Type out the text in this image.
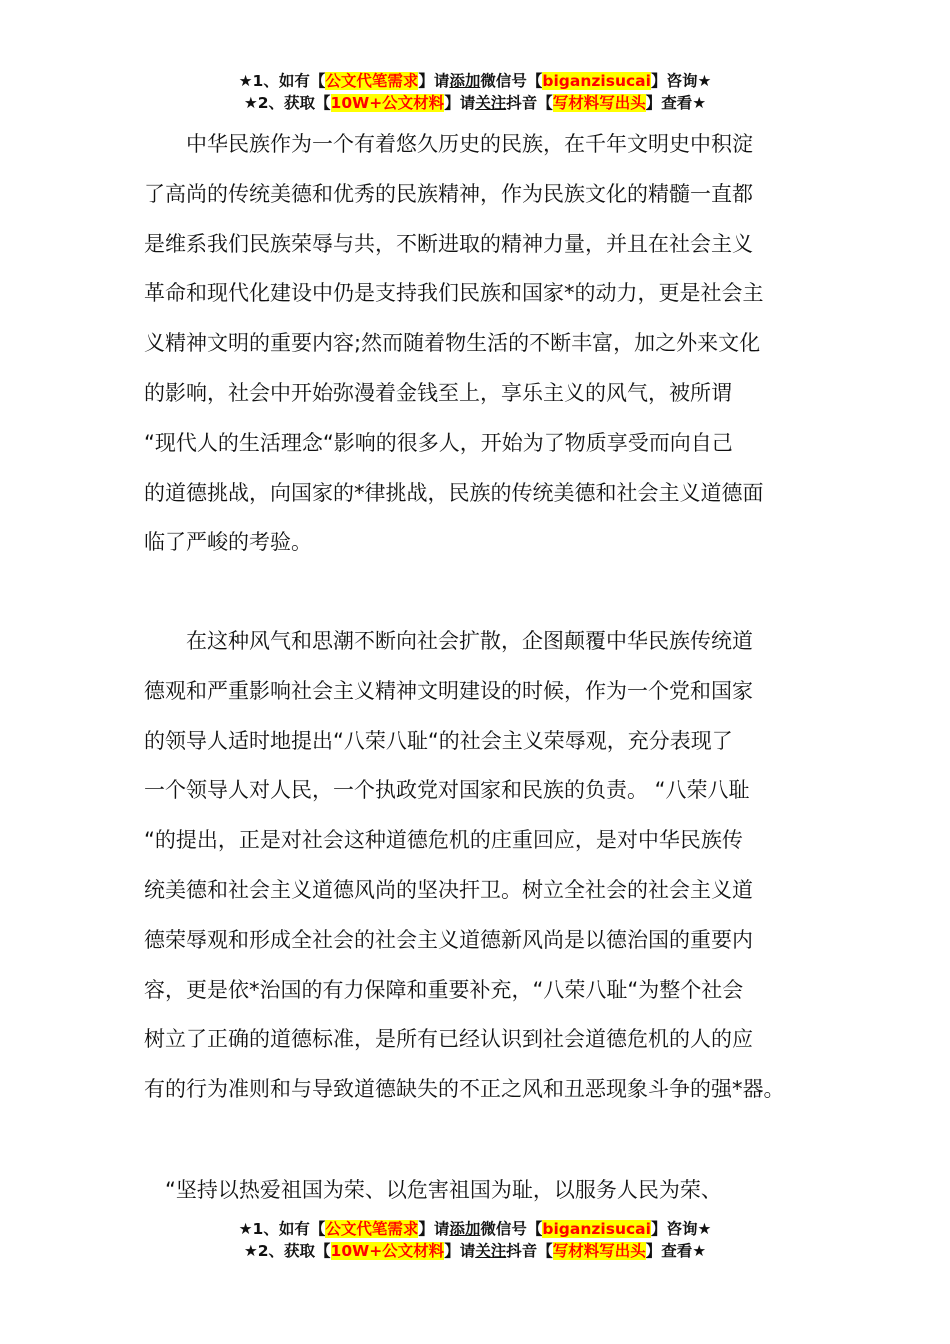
★1、如有【公文代笔需求】请添加微信号【biganzisucai】咨询★
★2、获取【10W+公文材料】请关注抖音【写材料写出头】查看★
　　中华民族作为一个有着悠久历史的民族，在千年文明史中积淀
了高尚的传统美德和优秀的民族精神，作为民族文化的精髓一直都
是维系我们民族荣辱与共，不断进取的精神力量，并且在社会主义
革命和现代化建设中仍是支持我们民族和国家*的动力，更是社会主
义精神文明的重要内容;然而随着物生活的不断丰富，加之外来文化
的影响，社会中开始弥漫着金钱至上，享乐主义的风气，被所谓
“现代人的生活理念“影响的很多人，开始为了物质享受而向自己
的道德挑战，向国家的*律挑战，民族的传统美德和社会主义道德面
临了严峻的考验。
　　在这种风气和思潮不断向社会扩散，企图颠覆中华民族传统道
德观和严重影响社会主义精神文明建设的时候，作为一个党和国家
的领导人适时地提出“八荣八耻“的社会主义荣辱观，充分表现了
一个领导人对人民，一个执政党对国家和民族的负责。 “八荣八耻
“的提出，正是对社会这种道德危机的庄重回应，是对中华民族传
统美德和社会主义道德风尚的坚决扞卫。树立全社会的社会主义道
德荣辱观和形成全社会的社会主义道德新风尚是以德治国的重要内
容，更是依*治国的有力保障和重要补充，“八荣八耻“为整个社会
树立了正确的道德标准，是所有已经认识到社会道德危机的人的应
有的行为准则和与导致道德缺失的不正之风和丑恶现象斗争的强*器。
　“坚持以热爱祖国为荣、以危害祖国为耻，以服务人民为荣、
★1、如有【公文代笔需求】请添加微信号【biganzisucai】咨询★
★2、获取【10W+公文材料】请关注抖音【写材料写出头】查看★
